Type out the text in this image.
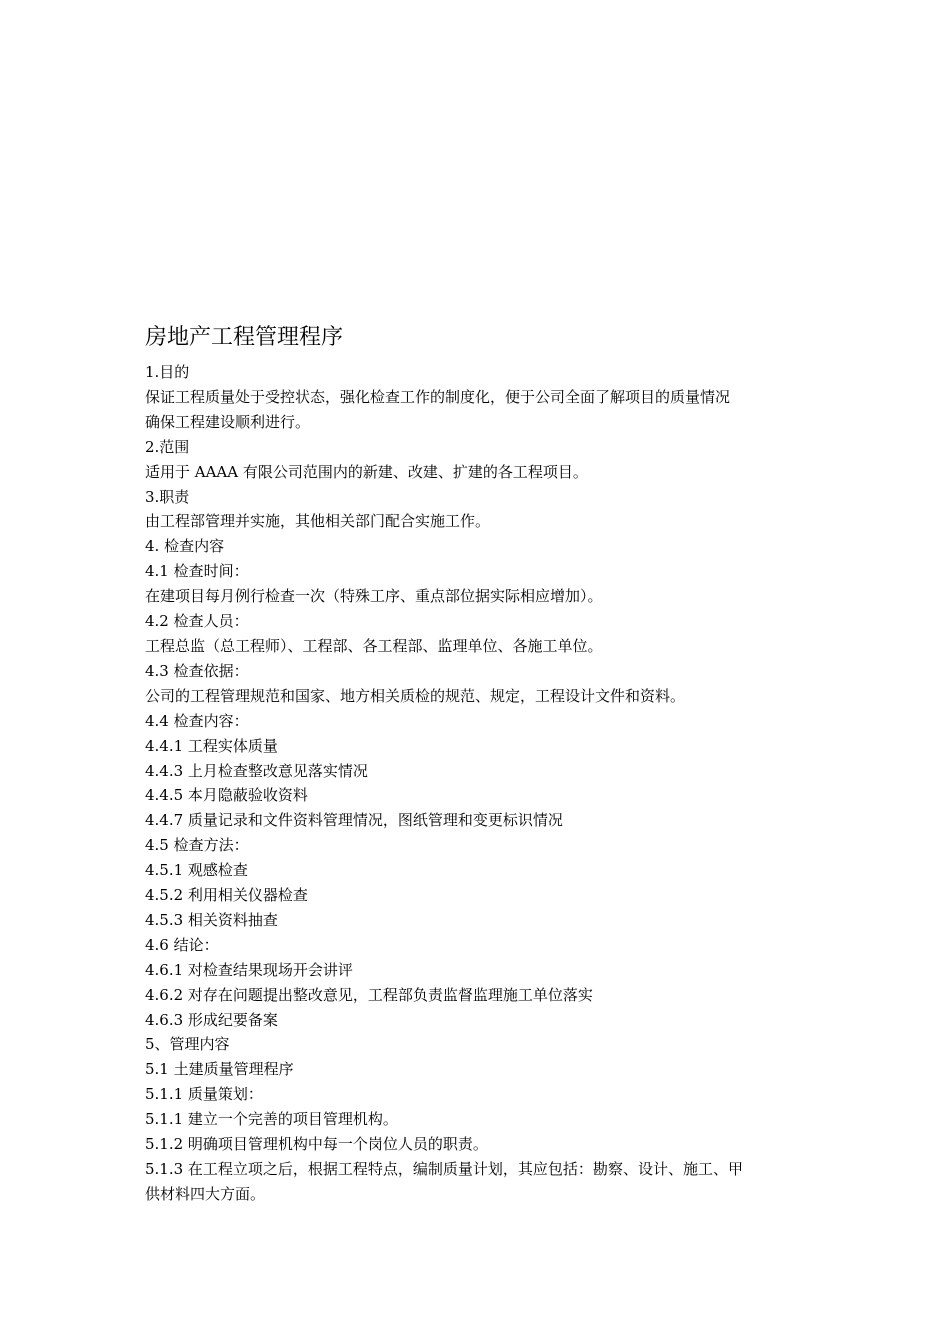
房地产工程管理程序
1.目的
保证工程质量处于受控状态，强化检查工作的制度化，便于公司全面了解项目的质量情况
确保工程建设顺利进行。
2.范围
适用于 AAAA 有限公司范围内的新建、改建、扩建的各工程项目。
3.职责
由工程部管理并实施，其他相关部门配合实施工作。
4. 检查内容
4.1 检查时间：
在建项目每月例行检查一次（特殊工序、重点部位据实际相应增加）。
4.2 检查人员：
工程总监（总工程师）、工程部、各工程部、监理单位、各施工单位。
4.3 检查依据：
公司的工程管理规范和国家、地方相关质检的规范、规定，工程设计文件和资料。
4.4 检查内容：
4.4.1 工程实体质量
4.4.3 上月检查整改意见落实情况
4.4.5 本月隐蔽验收资料
4.4.7 质量记录和文件资料管理情况，图纸管理和变更标识情况
4.5 检查方法：
4.5.1 观感检查
4.5.2 利用相关仪器检查
4.5.3 相关资料抽查
4.6 结论：
4.6.1 对检查结果现场开会讲评
4.6.2 对存在问题提出整改意见，工程部负责监督监理施工单位落实
4.6.3 形成纪要备案
5、管理内容
5.1 土建质量管理程序
5.1.1 质量策划：
5.1.1 建立一个完善的项目管理机构。
5.1.2 明确项目管理机构中每一个岗位人员的职责。
5.1.3 在工程立项之后，根据工程特点，编制质量计划，其应包括：勘察、设计、施工、甲
供材料四大方面。
